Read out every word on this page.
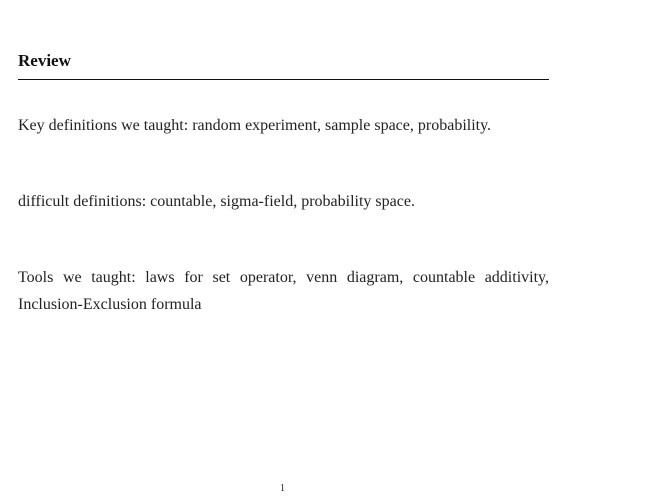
Review
Key definitions we taught: random experiment, sample space, probability.
difficult definitions: countable, sigma-field, probability space.
Tools we taught: laws for set operator, venn diagram, countable additivity, Inclusion-Exclusion formula
1
